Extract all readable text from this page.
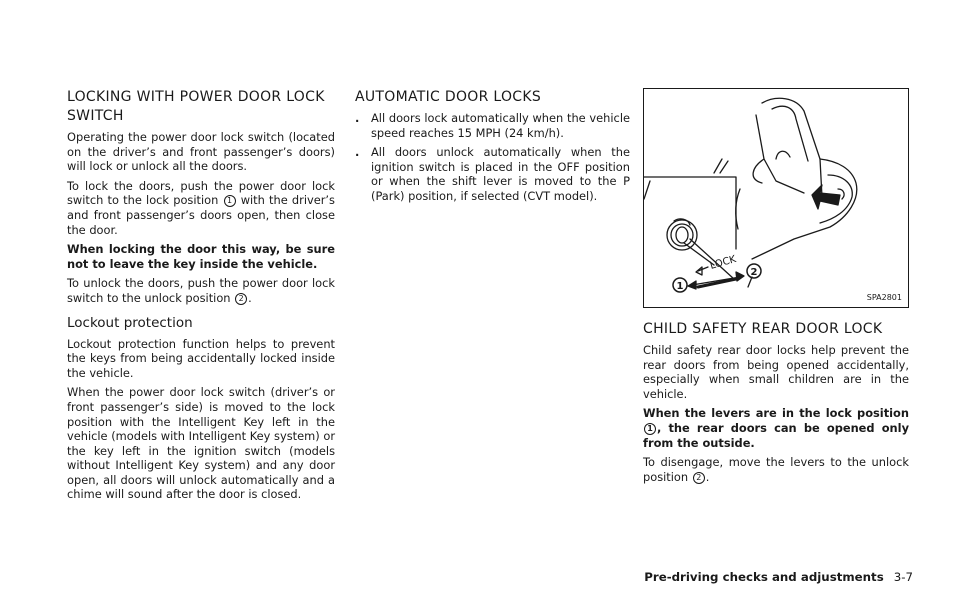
LOCKING WITH POWER DOOR LOCK SWITCH

Operating the power door lock switch (located on the driver’s and front passenger’s doors) will lock or unlock all the doors.

To lock the doors, push the power door lock switch to the lock position 1 with the driver’s and front passenger’s doors open, then close the door.

When locking the door this way, be sure not to leave the key inside the vehicle.

To unlock the doors, push the power door lock switch to the unlock position 2 .

Lockout protection

Lockout protection function helps to prevent the keys from being accidentally locked inside the vehicle.

When the power door lock switch (driver’s or front passenger’s side) is moved to the lock position with the Intelligent Key left in the vehicle (models with Intelligent Key system) or the key left in the ignition switch (models without Intelligent Key system) and any door open, all doors will unlock automatically and a chime will sound after the door is closed.

AUTOMATIC DOOR LOCKS
. All doors lock automatically when the vehicle speed reaches 15 MPH (24 km/h).
. All doors unlock automatically when the ignition switch is placed in the OFF position or when the shift lever is moved to the P (Park) position, if selected (CVT model).
LOCK
1
2
SPA2801
CHILD SAFETY REAR DOOR LOCK

Child safety rear door locks help prevent the rear doors from being opened accidentally, especially when small children are in the vehicle.

When the levers are in the lock position 1 , the rear doors can be opened only from the outside.

To disengage, move the levers to the unlock position 2 .

Pre-driving checks and adjustments 3-7
